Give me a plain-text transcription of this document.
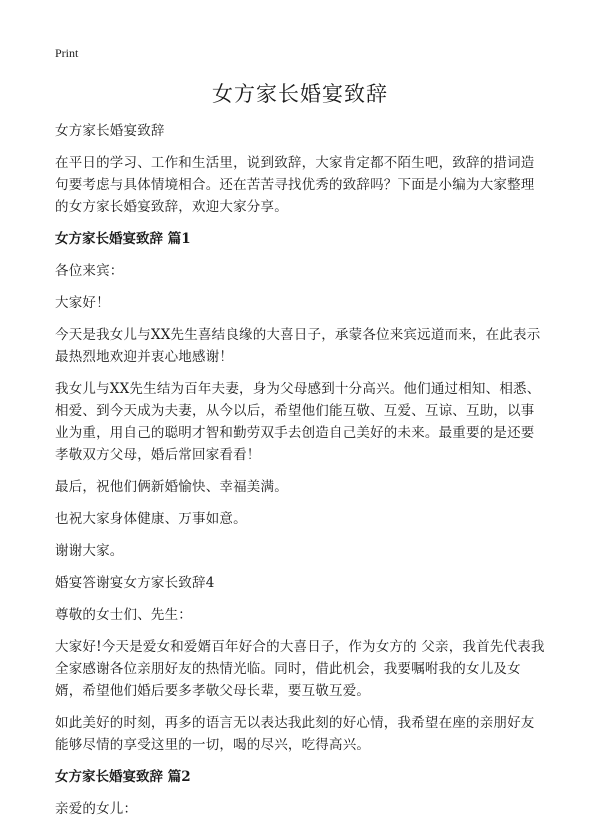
Print
女方家长婚宴致辞

女方家长婚宴致辞

在平日的学习、工作和生活里，说到致辞，大家肯定都不陌生吧，致辞的措词造句要考虑与具体情境相合。还在苦苦寻找优秀的致辞吗？下面是小编为大家整理的女方家长婚宴致辞，欢迎大家分享。

女方家长婚宴致辞 篇1

各位来宾：

大家好！

今天是我女儿与XX先生喜结良缘的大喜日子，承蒙各位来宾远道而来，在此表示最热烈地欢迎并衷心地感谢！

我女儿与XX先生结为百年夫妻，身为父母感到十分高兴。他们通过相知、相悉、相爱、到今天成为夫妻，从今以后，希望他们能互敬、互爱、互谅、互助，以事业为重，用自己的聪明才智和勤劳双手去创造自己美好的未来。最重要的是还要孝敬双方父母，婚后常回家看看！

最后，祝他们俩新婚愉快、幸福美满。

也祝大家身体健康、万事如意。

谢谢大家。

婚宴答谢宴女方家长致辞4

尊敬的女士们、先生：

大家好!今天是爱女和爱婿百年好合的大喜日子，作为女方的 父亲，我首先代表我全家感谢各位亲朋好友的热情光临。同时，借此机会，我要嘱咐我的女儿及女婿，希望他们婚后要多孝敬父母长辈，要互敬互爱。

如此美好的时刻，再多的语言无以表达我此刻的好心情，我希望在座的亲朋好友能够尽情的享受这里的一切，喝的尽兴，吃得高兴。

女方家长婚宴致辞 篇2

亲爱的女儿：
